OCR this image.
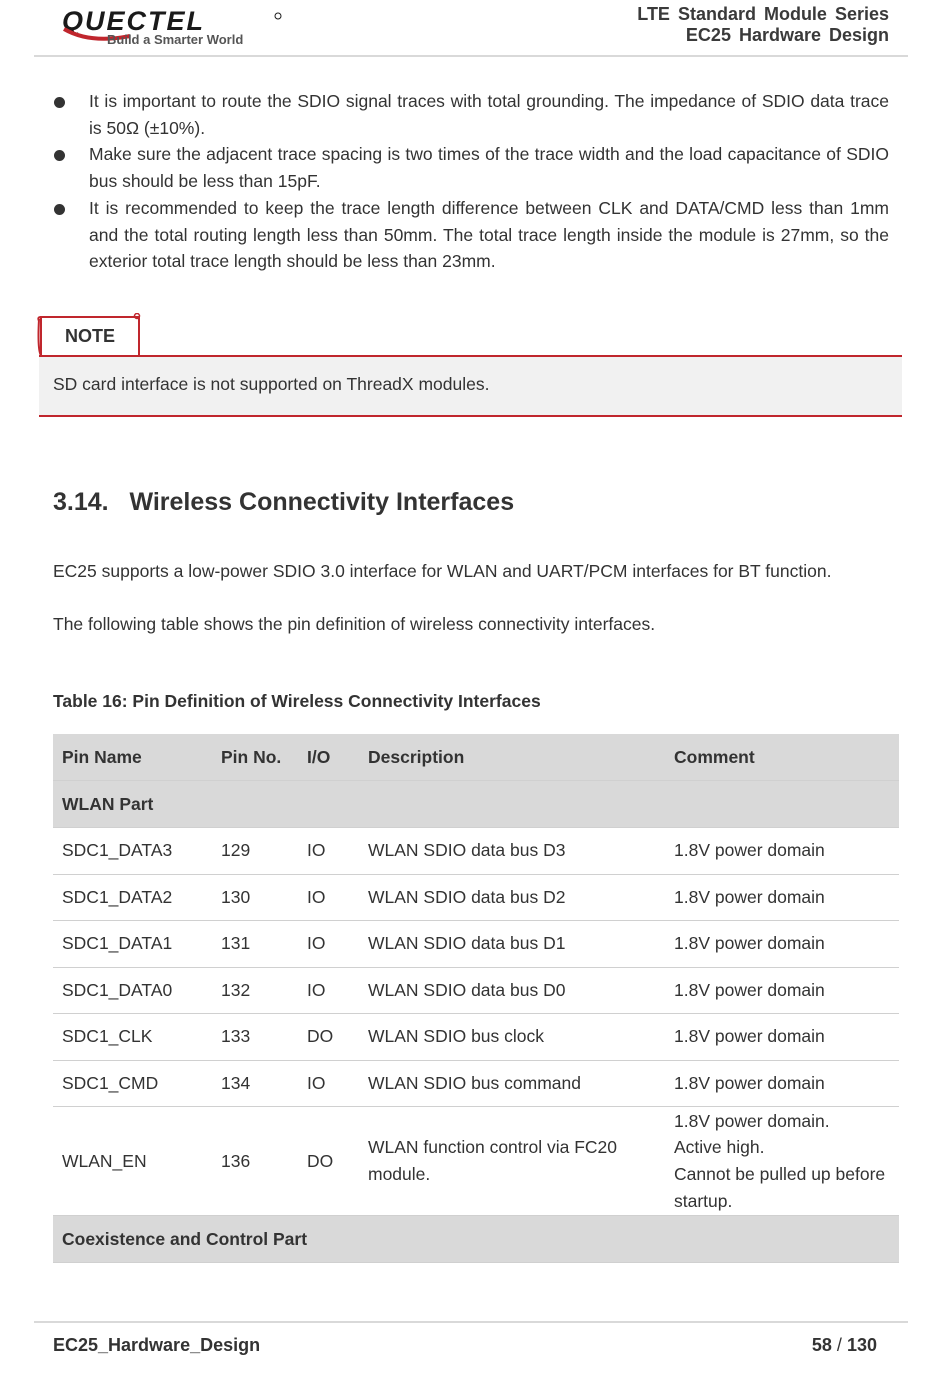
QUECTEL
Build a Smarter World
LTE Standard Module Series
EC25 Hardware Design
It is important to route the SDIO signal traces with total grounding. The impedance of SDIO data trace is 50Ω (±10%).
Make sure the adjacent trace spacing is two times of the trace width and the load capacitance of SDIO bus should be less than 15pF.
It is recommended to keep the trace length difference between CLK and DATA/CMD less than 1mm and the total routing length less than 50mm. The total trace length inside the module is 27mm, so the exterior total trace length should be less than 23mm.
NOTE
SD card interface is not supported on ThreadX modules.
3.14. Wireless Connectivity Interfaces
EC25 supports a low-power SDIO 3.0 interface for WLAN and UART/PCM interfaces for BT function.
The following table shows the pin definition of wireless connectivity interfaces.
Table 16: Pin Definition of Wireless Connectivity Interfaces
Pin Name	Pin No.	I/O	Description	Comment
WLAN Part				
SDC1_DATA3	129	IO	WLAN SDIO data bus D3	1.8V power domain
SDC1_DATA2	130	IO	WLAN SDIO data bus D2	1.8V power domain
SDC1_DATA1	131	IO	WLAN SDIO data bus D1	1.8V power domain
SDC1_DATA0	132	IO	WLAN SDIO data bus D0	1.8V power domain
SDC1_CLK	133	DO	WLAN SDIO bus clock	1.8V power domain
SDC1_CMD	134	IO	WLAN SDIO bus command	1.8V power domain
WLAN_EN	136	DO	WLAN function control via FC20 module.	1.8V power domain.
Active high.
Cannot be pulled up before startup.

Coexistence and Control Part				
EC25_Hardware_Design	58 / 130
